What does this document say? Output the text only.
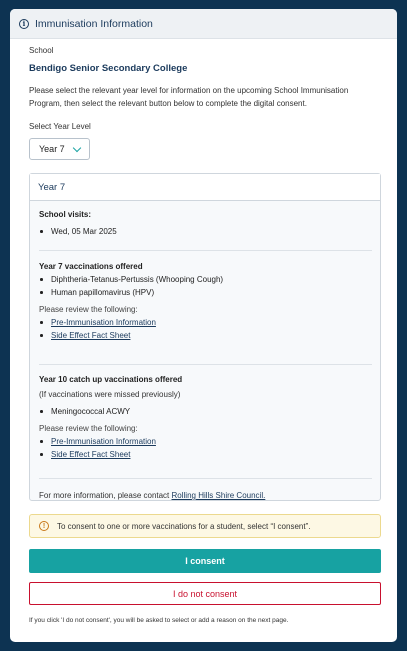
i Immunisation Information
School
Bendigo Senior Secondary College
Please select the relevant year level for information on the upcoming School Immunisation Program, then select the relevant button below to complete the digital consent.
Select Year Level
Year 7
Year 7
School visits:
Wed, 05 Mar 2025
Year 7 vaccinations offered
Diphtheria-Tetanus-Pertussis (Whooping Cough)
Human papillomavirus (HPV)
Please review the following:
Pre-Immunisation Information
Side Effect Fact Sheet
Year 10 catch up vaccinations offered
(If vaccinations were missed previously)
Meningococcal ACWY
Please review the following:
Pre-Immunisation Information
Side Effect Fact Sheet
For more information, please contact Rolling Hills Shire Council.
!	To consent to one or more vaccinations for a student, select “I consent”.
I consent
I do not consent
If you click 'I do not consent', you will be asked to select or add a reason on the next page.
